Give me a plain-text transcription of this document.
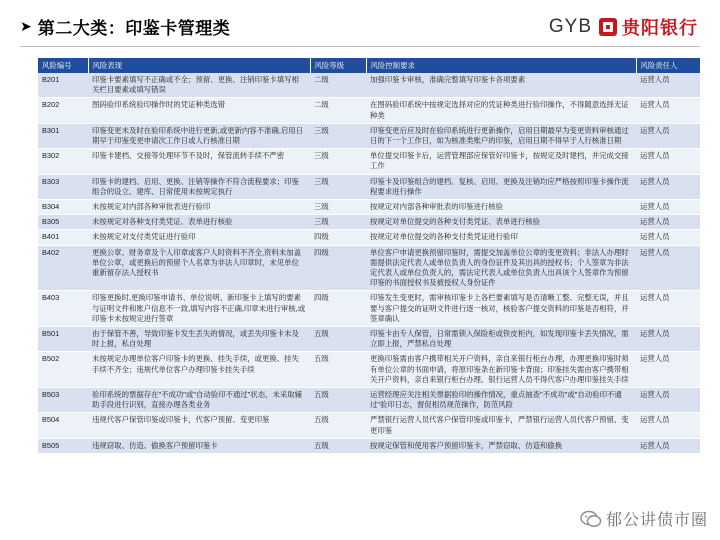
➤ 第二大类：印鉴卡管理类	GYB 贵阳银行
风险编号	风险表现	风险等级	风险控制要求	风险责任人
B201	印鉴卡要素填写不正确或不全；预留、更换、注销印鉴卡填写相关栏目要素或填写错误	二级	加强印鉴卡审核，准确完整填写印鉴卡各项要素	运营人员
B202	图码验印系统验印操作时的凭证种类选错	二级	在图码验印系统中按规定选择对应的凭证种类进行验印操作，不得随意选择无证种类	运营人员
B301	印鉴变更未及时在验印系统中进行更新,或更新内容不准确,启用日期早于印鉴变更申请次工作日或人行核准日期	三级	印鉴变更后应及时在验印系统进行更新操作，启用日期最早为变更资料审核通过日的下一个工作日，如为核准类账户的印鉴，启用日期不得早于人行核准日期	运营人员
B302	印鉴卡建档、交接等处理环节不及时，保管流转手续不严密	三级	单位提交印鉴卡后，运营管理部应保管好印鉴卡，按规定及时建档，并完成交接工作	运营人员
B303	印鉴卡的建档、启用、更换、注销等操作不符合流程要求；印鉴组合的设立、建库、日常使用未按规定执行	三级	印鉴卡及印鉴组合的建档、复核、启用、更换及注销均应严格按照印鉴卡操作流程要求进行操作	运营人员
B304	未按规定对内部各种审批表进行验印	三级	按规定对内部各种审批表的印鉴进行核验	运营人员
B305	未按规定对各种支付类凭证、表单进行核验	三级	按规定对单位提交的各种支付类凭证、表单进行核验	运营人员
B401	未按规定对支付类凭证进行验印	四级	按规定对单位提交的各种支付类凭证进行验印	运营人员
B402	更换公章、财务章及个人印章或客户人时资料不齐全,资料未加盖单位公章，或更换后的预留个人名章为非法人印章时，未见单位重新留存法人授权书	四级	单位客户申请更换预留印鉴时，需提交加盖单位公章的变更资料；非法人办理时需提供法定代表人或单位负责人的身份证件及其出具的授权书；个人签章为非法定代表人或单位负责人的，需法定代表人或单位负责人出具该个人签章作为预留印鉴的书面授权书及被授权人身份证件	运营人员
B403	印鉴更换时,更换印鉴申请书、单位说明、新印鉴卡上填写的要素与证明文件和账户信息不一致,填写内容不正确,印章未进行审核,或印鉴卡未按规定进行签章	四级	印鉴发生变更时，需审核印鉴卡上各栏要素填写是否清晰工整、完整无误，并且要与客户提交的证明文件进行逐一核对，核验客户提交资料的印鉴是否相符，并签章确认	运营人员
B501	由于保管不善，导致印鉴卡发生丢失的情况，或丢失印鉴卡未及时上报，私自处理	五级	印鉴卡由专人保管，日常需锁入保险柜或铁皮柜内，如发现印鉴卡丢失情况，需立即上报，严禁私自处理	运营人员
B502	未按规定办理单位客户印鉴卡的更换、挂失手续，或更换、挂失手续不齐全；违规代单位客户办理印鉴卡挂失手续	五级	更换印鉴需由客户携带相关开户资料，亲自来银行柜台办理，办理更换印鉴时须有单位公章的书面申请，将原印鉴条在新印鉴卡背面；印鉴挂失需由客户携带相关开户资料，亲自来银行柜台办理。银行运营人员不得代客户办理印鉴挂失手续	运营人员
B503	验印系统的票据存在"不成功"或"自动验印不通过"状态，未采取辅助手段进行识别，直接办理各类业务	五级	运营经理应关注相关票据验印的操作情况，重点抽查"不成功"或"自动验印不通过"验印日志，督促相员规范操作，防范风险	运营人员
B504	违规代客户保管印鉴或印鉴卡，代客户预留、变更印鉴	五级	严禁银行运营人员代客户保管印鉴或印鉴卡，严禁银行运营人员代客户预留、变更印鉴	运营人员
B505	违规窃取、仿造、偷换客户预留印鉴卡	五级	按规定保管和使用客户预留印鉴卡，严禁窃取、仿造和偷换	运营人员
郁公讲债市圈
